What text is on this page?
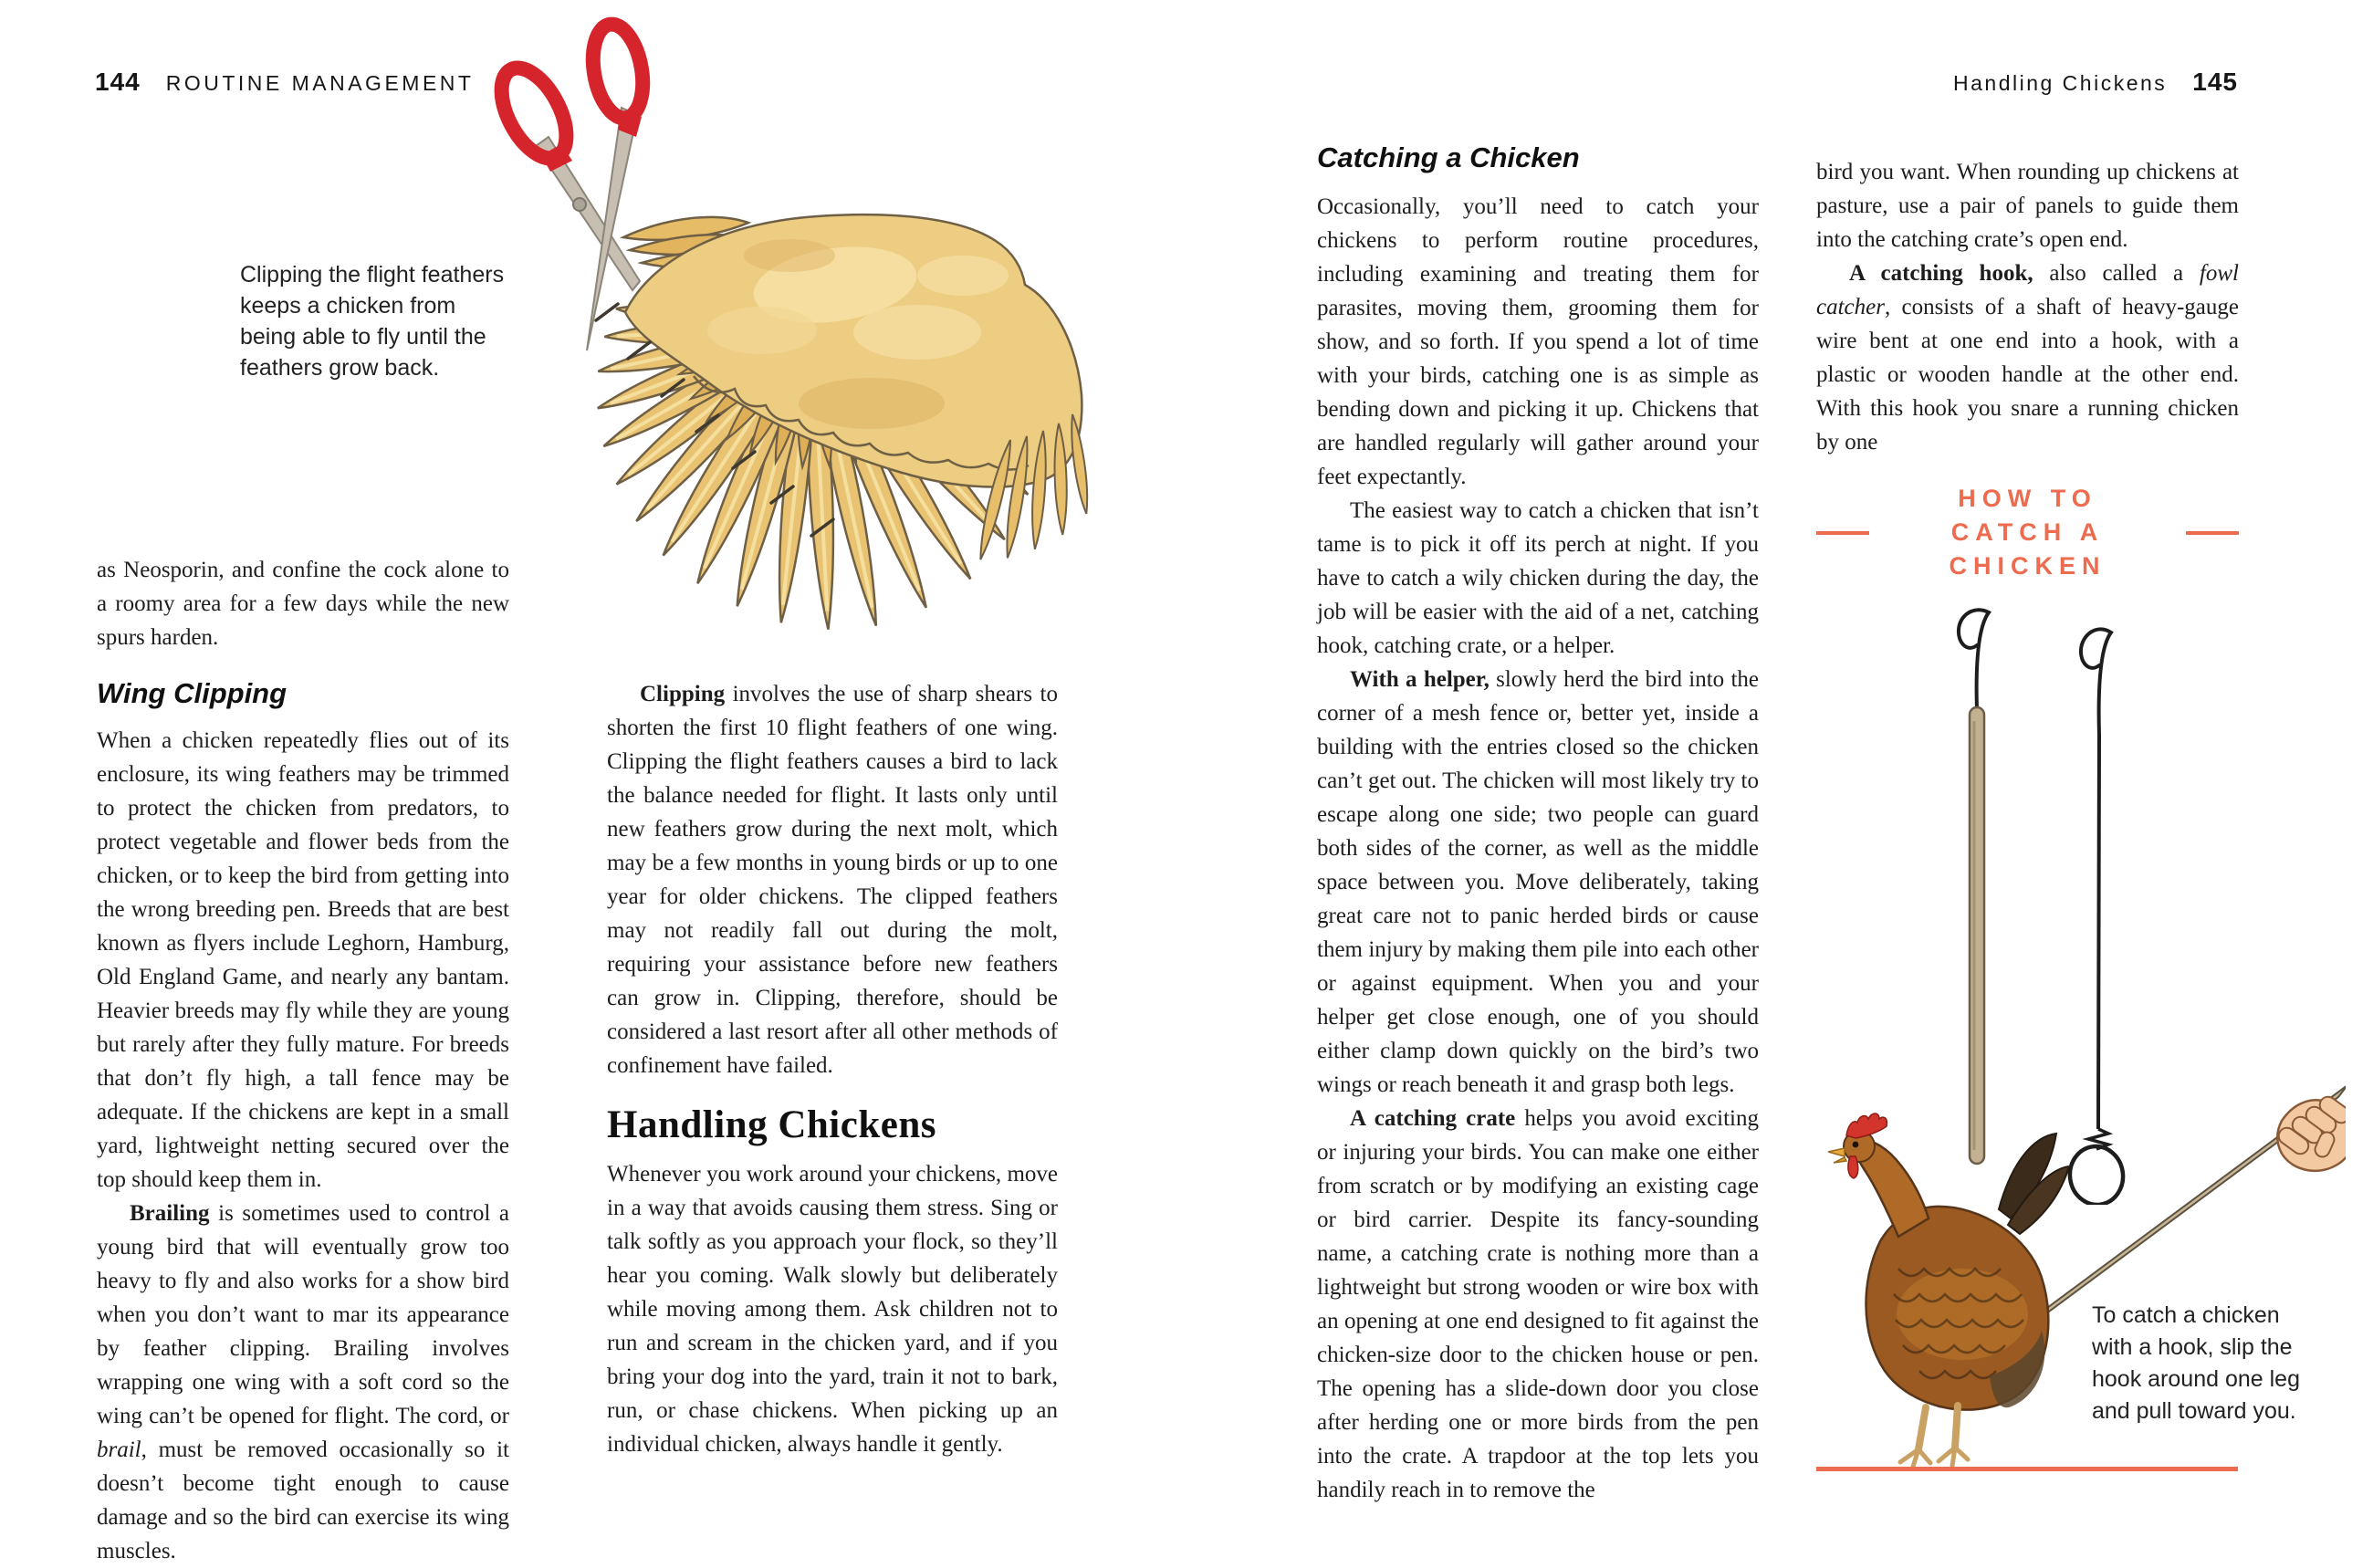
144 ROUTINE MANAGEMENT	Handling Chickens 145
Clipping the flight feathers keeps a chicken from being able to fly until the feathers grow back.

as Neosporin, and confine the cock alone to a roomy area for a few days while the new spurs harden.

Wing Clipping

When a chicken repeatedly flies out of its enclosure, its wing feathers may be trimmed to protect the chicken from predators, to protect vegetable and flower beds from the chicken, or to keep the bird from getting into the wrong breeding pen. Breeds that are best known as flyers include Leghorn, Hamburg, Old England Game, and nearly any bantam. Heavier breeds may fly while they are young but rarely after they fully mature. For breeds that don’t fly high, a tall fence may be adequate. If the chickens are kept in a small yard, lightweight netting secured over the top should keep them in.

Brailing is sometimes used to control a young bird that will eventually grow too heavy to fly and also works for a show bird when you don’t want to mar its appearance by feather clipping. Brailing involves wrapping one wing with a soft cord so the wing can’t be opened for flight. The cord, or brail, must be removed occasionally so it doesn’t become tight enough to cause damage and so the bird can exercise its wing muscles.

Clipping involves the use of sharp shears to shorten the first 10 flight feathers of one wing. Clipping the flight feathers causes a bird to lack the balance needed for flight. It lasts only until new feathers grow during the next molt, which may be a few months in young birds or up to one year for older chickens. The clipped feathers may not readily fall out during the molt, requiring your assistance before new feathers can grow in. Clipping, therefore, should be considered a last resort after all other methods of confinement have failed.

Handling Chickens

Whenever you work around your chickens, move in a way that avoids causing them stress. Sing or talk softly as you approach your flock, so they’ll hear you coming. Walk slowly but deliberately while moving among them. Ask children not to run and scream in the chicken yard, and if you bring your dog into the yard, train it not to bark, run, or chase chickens. When picking up an individual chicken, always handle it gently.

Catching a Chicken

Occasionally, you’ll need to catch your chickens to perform routine procedures, including examining and treating them for parasites, moving them, grooming them for show, and so forth. If you spend a lot of time with your birds, catching one is as simple as bending down and picking it up. Chickens that are handled regularly will gather around your feet expectantly.

The easiest way to catch a chicken that isn’t tame is to pick it off its perch at night. If you have to catch a wily chicken during the day, the job will be easier with the aid of a net, catching hook, catching crate, or a helper.

With a helper, slowly herd the bird into the corner of a mesh fence or, better yet, inside a building with the entries closed so the chicken can’t get out. The chicken will most likely try to escape along one side; two people can guard both sides of the corner, as well as the middle space between you. Move deliberately, taking great care not to panic herded birds or cause them injury by making them pile into each other or against equipment. When you and your helper get close enough, one of you should either clamp down quickly on the bird’s two wings or reach beneath it and grasp both legs.

A catching crate helps you avoid exciting or injuring your birds. You can make one either from scratch or by modifying an existing cage or bird carrier. Despite its fancy-sounding name, a catching crate is nothing more than a lightweight but strong wooden or wire box with an opening at one end designed to fit against the chicken-size door to the chicken house or pen. The opening has a slide-down door you close after herding one or more birds from the pen into the crate. A trapdoor at the top lets you handily reach in to remove the

bird you want. When rounding up chickens at pasture, use a pair of panels to guide them into the catching crate’s open end.

A catching hook, also called a fowl catcher, consists of a shaft of heavy-gauge wire bent at one end into a hook, with a plastic or wooden handle at the other end. With this hook you snare a running chicken by one

HOW TO
CATCH A CHICKEN
To catch a chicken with a hook, slip the hook around one leg and pull toward you.
